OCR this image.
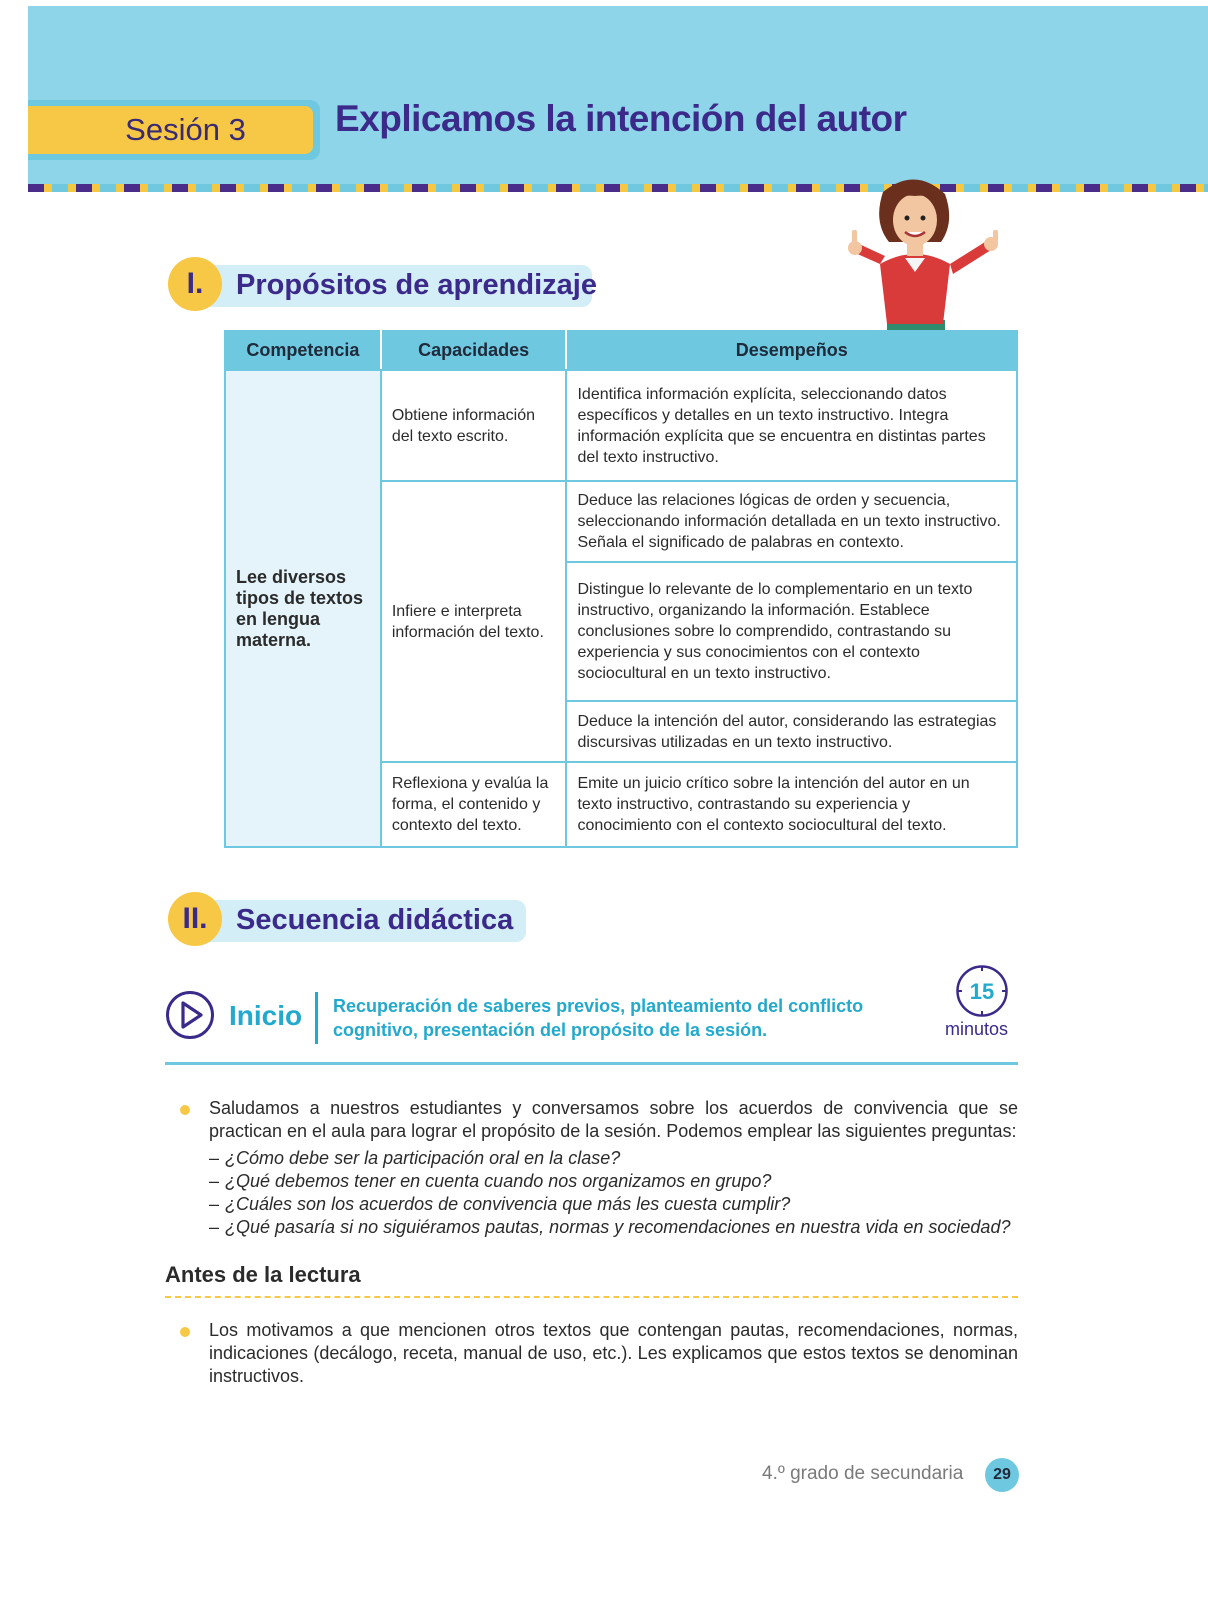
Sesión 3 Explicamos la intención del autor
I.	Propósitos de aprendizaje
Competencia	Capacidades	Desempeños
Lee diversos tipos de textos en lengua materna.	Obtiene información del texto escrito.	Identifica información explícita, seleccionando datos específicos y detalles en un texto instructivo. Integra información explícita que se encuentra en distintas partes del texto instructivo.
	Infiere e interpreta información del texto.	Deduce las relaciones lógicas de orden y secuencia, seleccionando información detallada en un texto instructivo. Señala el significado de palabras en contexto.
		Distingue lo relevante de lo complementario en un texto instructivo, organizando la información. Establece conclusiones sobre lo comprendido, contrastando su experiencia y sus conocimientos con el contexto sociocultural en un texto instructivo.
		Deduce la intención del autor, considerando las estrategias discursivas utilizadas en un texto instructivo.
	Reflexiona y evalúa la forma, el contenido y contexto del texto.	Emite un juicio crítico sobre la intención del autor en un texto instructivo, contrastando su experiencia y conocimiento con el contexto sociocultural del texto.
II. Secuencia didáctica
Inicio Recuperación de saberes previos, planteamiento del conflicto cognitivo, presentación del propósito de la sesión.
15
minutos
Saludamos a nuestros estudiantes y conversamos sobre los acuerdos de convivencia que se practican en el aula para lograr el propósito de la sesión. Podemos emplear las siguientes preguntas:
– ¿Cómo debe ser la participación oral en la clase?
– ¿Qué debemos tener en cuenta cuando nos organizamos en grupo?
– ¿Cuáles son los acuerdos de convivencia que más les cuesta cumplir?
– ¿Qué pasaría si no siguiéramos pautas, normas y recomendaciones en nuestra vida en sociedad?
Antes de la lectura
Los motivamos a que mencionen otros textos que contengan pautas, recomendaciones, normas, indicaciones (decálogo, receta, manual de uso, etc.). Les explicamos que estos textos se denominan instructivos.
4.º grado de secundaria	29
